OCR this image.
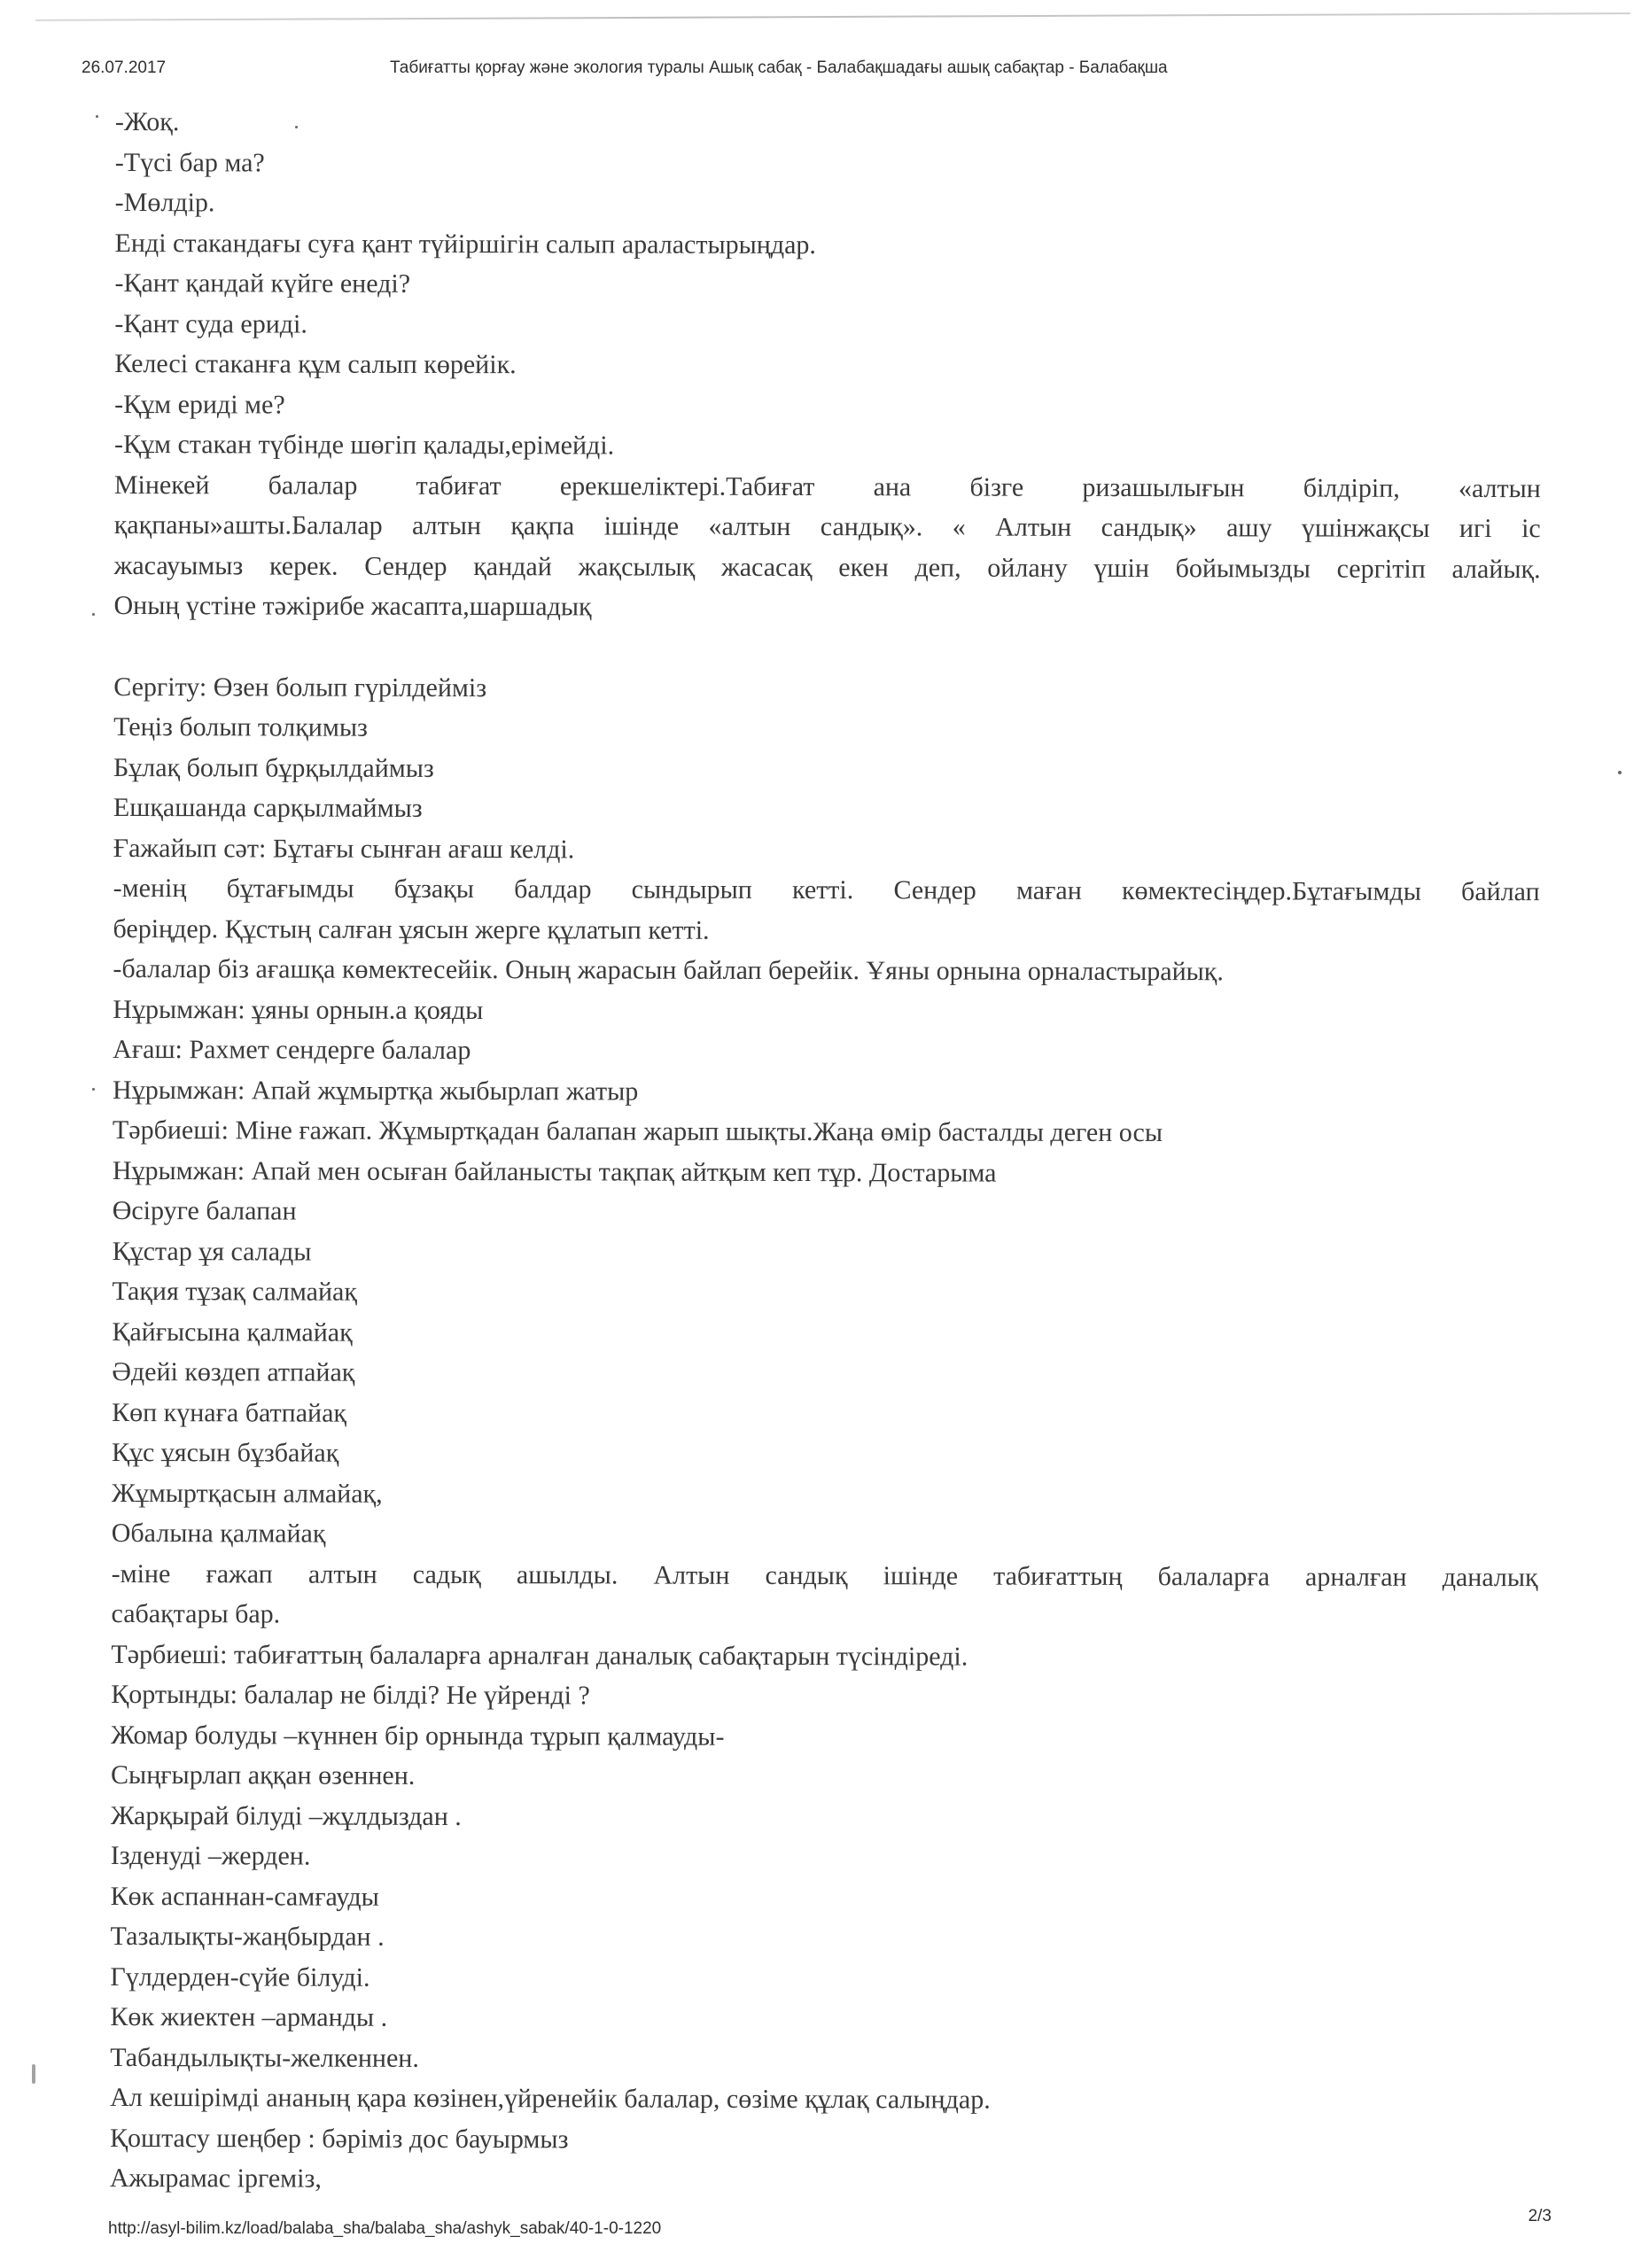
26.07.2017	Табиғатты қорғау және экология туралы Ашық сабақ - Балабақшадағы ашық сабақтар - Балабақша
-Жоқ.
-Түсі бар ма?
-Мөлдір.
Енді стакандағы суға қант түйіршігін салып араластырыңдар.
-Қант қандай күйге енеді?
-Қант суда ериді.
Келесі стаканға құм салып көрейік.
-Құм ериді ме?
-Құм стакан түбінде шөгіп қалады,ерімейді.
Мінекей балалар табиғат ерекшеліктері.Табиғат ана бізге ризашылығын білдіріп, «алтын
қақпаны»ашты.Балалар алтын қақпа ішінде «алтын сандық». « Алтын сандық» ашу үшінжақсы игі іс
жасауымыз керек. Сендер қандай жақсылық жасасақ екен деп, ойлану үшін бойымызды сергітіп алайық.
Оның үстіне тәжірибе жасапта,шаршадық
Сергіту: Өзен болып гүрілдейміз
Теңіз болып толқимыз
Бұлақ болып бұрқылдаймыз
Ешқашанда сарқылмаймыз
Ғажайып сәт: Бұтағы сынған ағаш келді.
-менің бұтағымды бұзақы балдар сындырып кетті. Сендер маған көмектесіңдер.Бұтағымды байлап
беріңдер. Құстың салған ұясын жерге құлатып кетті.
-балалар біз ағашқа көмектесейік. Оның жарасын байлап берейік. Ұяны орнына орналастырайық.
Нұрымжан: ұяны орнын.а қояды
Ағаш: Рахмет сендерге балалар
Нұрымжан: Апай жұмыртқа жыбырлап жатыр
Тәрбиеші: Міне ғажап. Жұмыртқадан балапан жарып шықты.Жаңа өмір басталды деген осы
Нұрымжан: Апай мен осыған байланысты тақпақ айтқым кеп тұр. Достарыма
Өсіруге балапан
Құстар ұя салады
Тақия тұзақ салмайақ
Қайғысына қалмайақ
Әдейі көздеп атпайақ
Көп күнаға батпайақ
Құс ұясын бұзбайақ
Жұмыртқасын алмайақ,
Обалына қалмайақ
-міне ғажап алтын садық ашылды. Алтын сандық ішінде табиғаттың балаларға арналған даналық
сабақтары бар.
Тәрбиеші: табиғаттың балаларға арналған даналық сабақтарын түсіндіреді.
Қортынды: балалар не білді? Не үйренді ?
Жомар болуды –күннен бір орнында тұрып қалмауды-
Сыңғырлап аққан өзеннен.
Жарқырай білуді –жұлдыздан .
Ізденуді –жерден.
Көк аспаннан-самғауды
Тазалықты-жаңбырдан .
Гүлдерден-сүйе білуді.
Көк жиектен –арманды .
Табандылықты-желкеннен.
Ал кешірімді ананың қара көзінен,үйренейік балалар, сөзіме құлақ салыңдар.
Қоштасу шеңбер : бәріміз дос бауырмыз
Ажырамас іргеміз,
http://asyl-bilim.kz/load/balaba_sha/balaba_sha/ashyk_sabak/40-1-0-1220
2/3
